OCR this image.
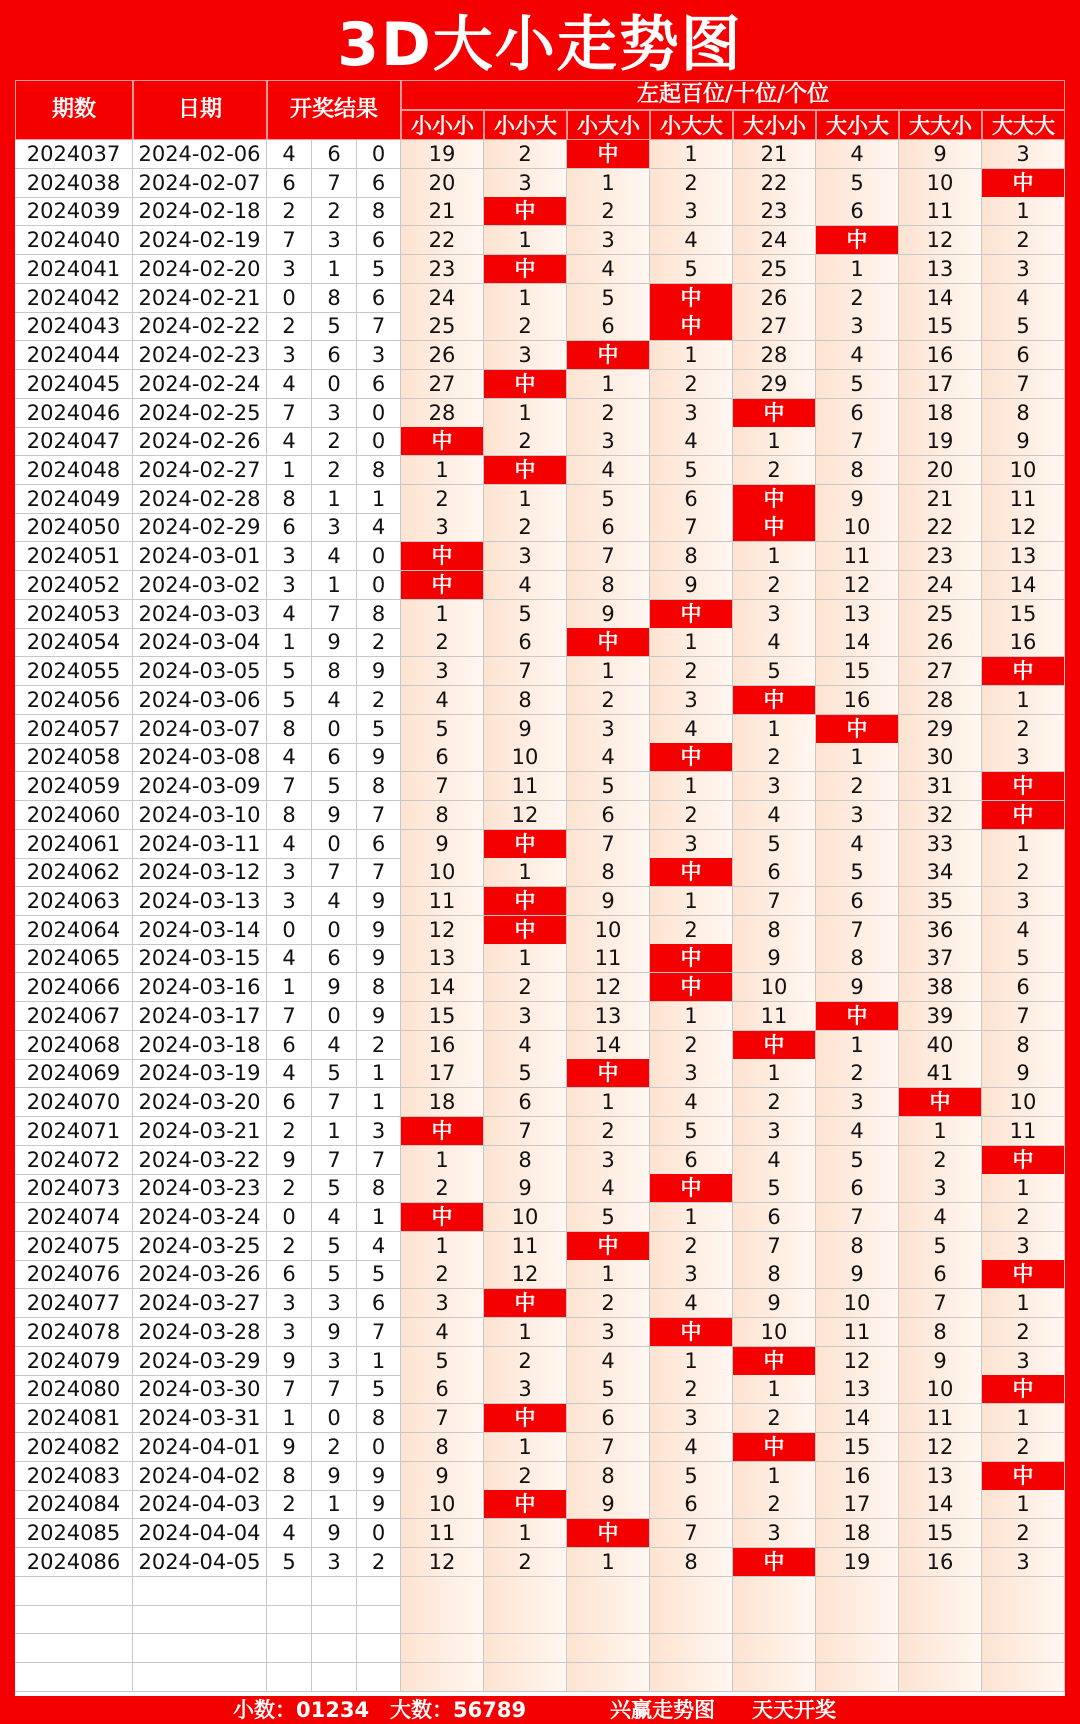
3D大小走势图
期数	日期	开奖结果
左起百位/十位/个位
小小小 小小大 小大小 小大大 大小小 大小大 大大小 大大大
2024037 2024-02-06	4	6	0	19	2	中	1	21	4	9	3
2024038 2024-02-07	6	7	6	20	3	1	2	22	5	10	中
2024039 2024-02-18	2	2	8	21	中	2	3	23	6	11	1
2024040 2024-02-19	7	3	6	22	1	3	4	24	中	12	2
2024041 2024-02-20	3	1	5	23	中	4	5	25	1	13	3
2024042 2024-02-21	0	8	6	24	1	5	中	26	2	14	4
2024043 2024-02-22	2	5	7	25	2	6	中	27	3	15	5
2024044 2024-02-23	3	6	3	26	3	中	1	28	4	16	6
2024045 2024-02-24	4	0	6	27	中	1	2	29	5	17	7
2024046 2024-02-25	7	3	0	28	1	2	3	中	6	18	8
2024047 2024-02-26	4	2	0	中	2	3	4	1	7	19	9
2024048 2024-02-27	1	2	8	1	中	4	5	2	8	20	10
2024049 2024-02-28	8	1	1	2	1	5	6	中	9	21	11
2024050 2024-02-29	6	3	4	3	2	6	7	中	10	22	12
2024051 2024-03-01	3	4	0	中	3	7	8	1	11	23	13
2024052 2024-03-02	3	1	0	中	4	8	9	2	12	24	14
2024053 2024-03-03	4	7	8	1	5	9	中	3	13	25	15
2024054 2024-03-04	1	9	2	2	6	中	1	4	14	26	16
2024055 2024-03-05	5	8	9	3	7	1	2	5	15	27	中
2024056 2024-03-06	5	4	2	4	8	2	3	中	16	28	1
2024057 2024-03-07	8	0	5	5	9	3	4	1	中	29	2
2024058 2024-03-08	4	6	9	6	10	4	中	2	1	30	3
2024059 2024-03-09	7	5	8	7	11	5	1	3	2	31	中
2024060 2024-03-10	8	9	7	8	12	6	2	4	3	32	中
2024061 2024-03-11	4	0	6	9	中	7	3	5	4	33	1
2024062 2024-03-12	3	7	7	10	1	8	中	6	5	34	2
2024063 2024-03-13	3	4	9	11	中	9	1	7	6	35	3
2024064 2024-03-14	0	0	9	12	中	10	2	8	7	36	4
2024065 2024-03-15	4	6	9	13	1	11	中	9	8	37	5
2024066 2024-03-16	1	9	8	14	2	12	中	10	9	38	6
2024067 2024-03-17	7	0	9	15	3	13	1	11	中	39	7
2024068 2024-03-18	6	4	2	16	4	14	2	中	1	40	8
2024069 2024-03-19	4	5	1	17	5	中	3	1	2	41	9
2024070 2024-03-20	6	7	1	18	6	1	4	2	3	中	10
2024071 2024-03-21	2	1	3	中	7	2	5	3	4	1	11
2024072 2024-03-22	9	7	7	1	8	3	6	4	5	2	中
2024073 2024-03-23	2	5	8	2	9	4	中	5	6	3	1
2024074 2024-03-24	0	4	1	中	10	5	1	6	7	4	2
2024075 2024-03-25	2	5	4	1	11	中	2	7	8	5	3
2024076 2024-03-26	6	5	5	2	12	1	3	8	9	6	中
2024077 2024-03-27	3	3	6	3	中	2	4	9	10	7	1
2024078 2024-03-28	3	9	7	4	1	3	中	10	11	8	2
2024079 2024-03-29	9	3	1	5	2	4	1	中	12	9	3
2024080 2024-03-30	7	7	5	6	3	5	2	1	13	10	中
2024081 2024-03-31	1	0	8	7	中	6	3	2	14	11	1
2024082 2024-04-01	9	2	0	8	1	7	4	中	15	12	2
2024083 2024-04-02	8	9	9	9	2	8	5	1	16	13	中
2024084 2024-04-03	2	1	9	10	中	9	6	2	17	14	1
2024085 2024-04-04	4	9	0	11	1	中	7	3	18	15	2
2024086 2024-04-05	5	3	2	12	2	1	8	中	19	16	3
小数：01234 大数：56789	兴赢走势图 天天开奖
